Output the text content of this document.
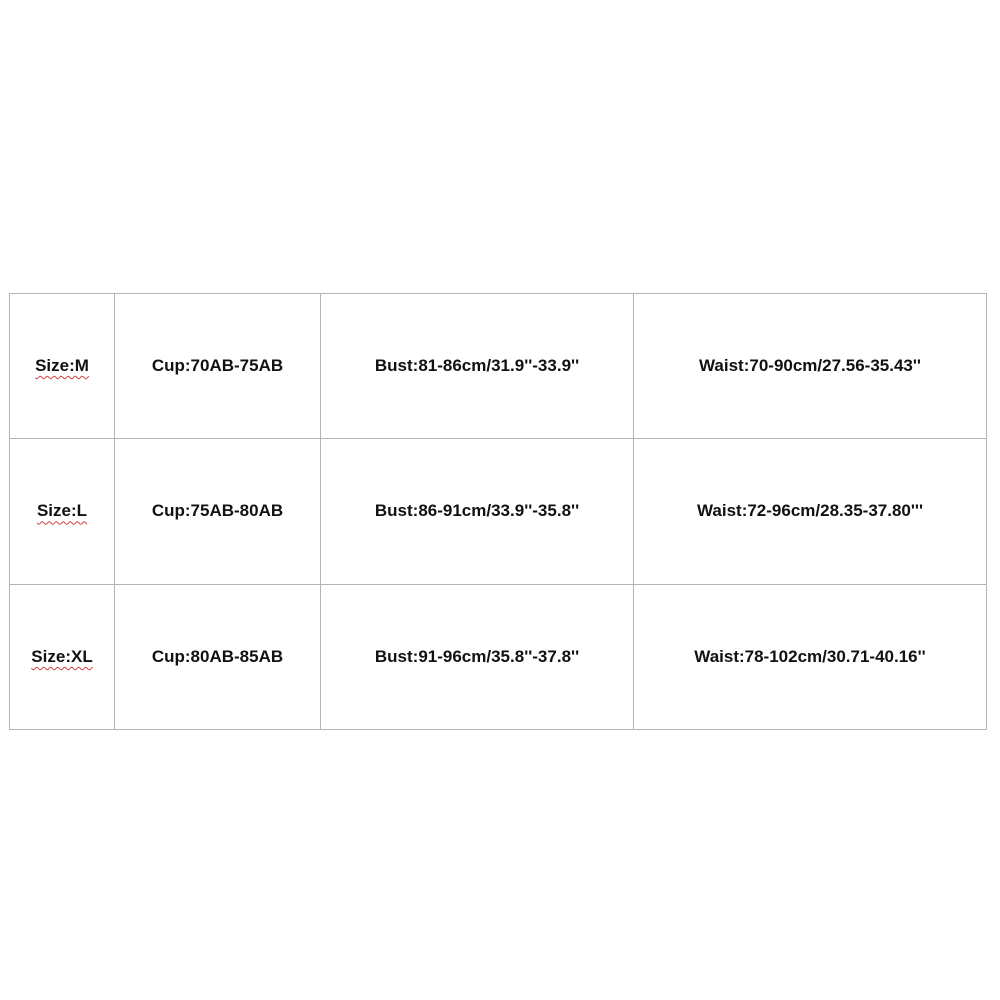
Size:M	Cup:70AB-75AB	Bust:81-86cm/31.9''-33.9''	Waist:70-90cm/27.56-35.43''
Size:L	Cup:75AB-80AB	Bust:86-91cm/33.9''-35.8''	Waist:72-96cm/28.35-37.80'''
Size:XL	Cup:80AB-85AB	Bust:91-96cm/35.8''-37.8''	Waist:78-102cm/30.71-40.16''
